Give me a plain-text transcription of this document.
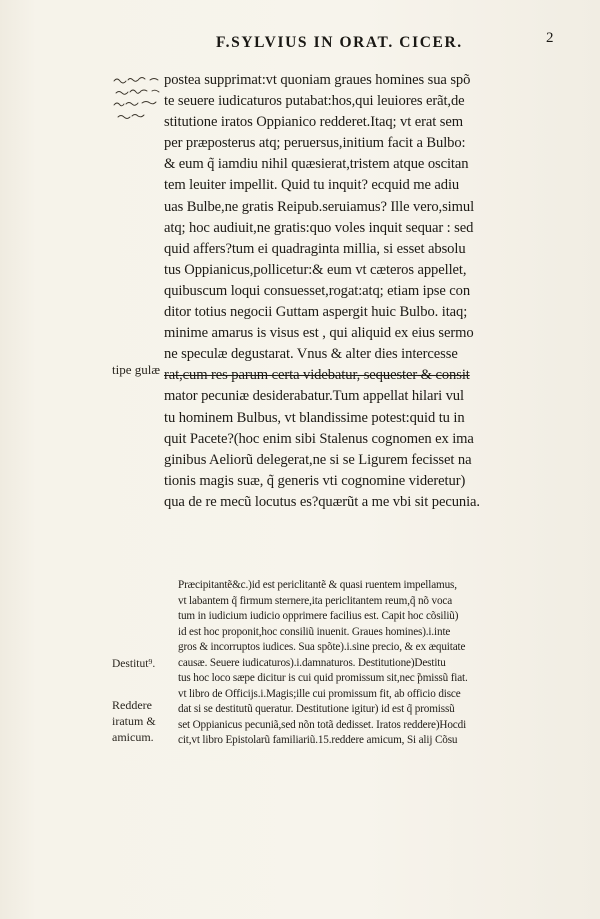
F.SYLVIUS IN ORAT. CICER.	2
postea supprimat:vt quoniam graues homines sua spõ
te seuere iudicaturos putabat:hos,qui leuiores erãt,de
stitutione iratos Oppianico redderet.Itaq; vt erat sem
per præposterus atq; peruersus,initium facit a Bulbo:
& eum q̃ iamdiu nihil quæsierat,tristem atque oscitan
tem leuiter impellit. Quid tu inquit? ecquid me adiu
uas Bulbe,ne gratis Reipub.seruiamus? Ille vero,simul
atq; hoc audiuit,ne gratis:quo voles inquit sequar : sed
quid affers?tum ei quadraginta millia, si esset absolu
tus Oppianicus,pollicetur:& eum vt cæteros appellet,
quibuscum loqui consuesset,rogat:atq; etiam ipse con
ditor totius negocii Guttam aspergit huic Bulbo. itaq;
minime amarus is visus est , qui aliquid ex eius sermo
ne speculæ degustarat. Vnus & alter dies intercesse
rat,cum res parum certa videbatur, sequester & consit
mator pecuniæ desiderabatur.Tum appellat hilari vul
tu hominem Bulbus, vt blandissime potest:quid tu in
quit Pacete?(hoc enim sibi Stalenus cognomen ex ima
ginibus Aeliorũ delegerat,ne si se Ligurem fecisset na
tionis magis suæ, q̃ generis vti cognomine videretur)
qua de re mecũ locutus es?quærũt a me vbi sit pecunia.
tipe gulæ
Præcipitantẽ&c.)id est periclitantẽ & quasi ruentem impellamus,
vt labantem q̃ firmum sternere,ita periclitantem reum,q̃ nõ voca
tum in iudicium iudicio opprimere facilius est. Capit hoc cõsiliũ)
id est hoc proponit,hoc consiliũ inuenit. Graues homines).i.inte
gros & incorruptos iudices. Sua spõte).i.sine precio, & ex æquitate
causæ. Seuere iudicaturos).i.damnaturos. Destitutione)Destitu
tus hoc loco sæpe dicitur is cui quid promissum sit,nec ̃pmissũ fiat.
vt libro de Officijs.i.Magis;ille cui promissum fit, ab officio disce
dat si se destitutũ queratur. Destitutione igitur) id est q̃ promissũ
set Oppianicus pecuniã,sed nõn totã dedisset. Iratos reddere)Hocdi
cit,vt libro Epistolarũ familiariũ.15.reddere amicum, Si alij Cõsu
Destitut⁹.
Reddere
iratum &
amicum.
